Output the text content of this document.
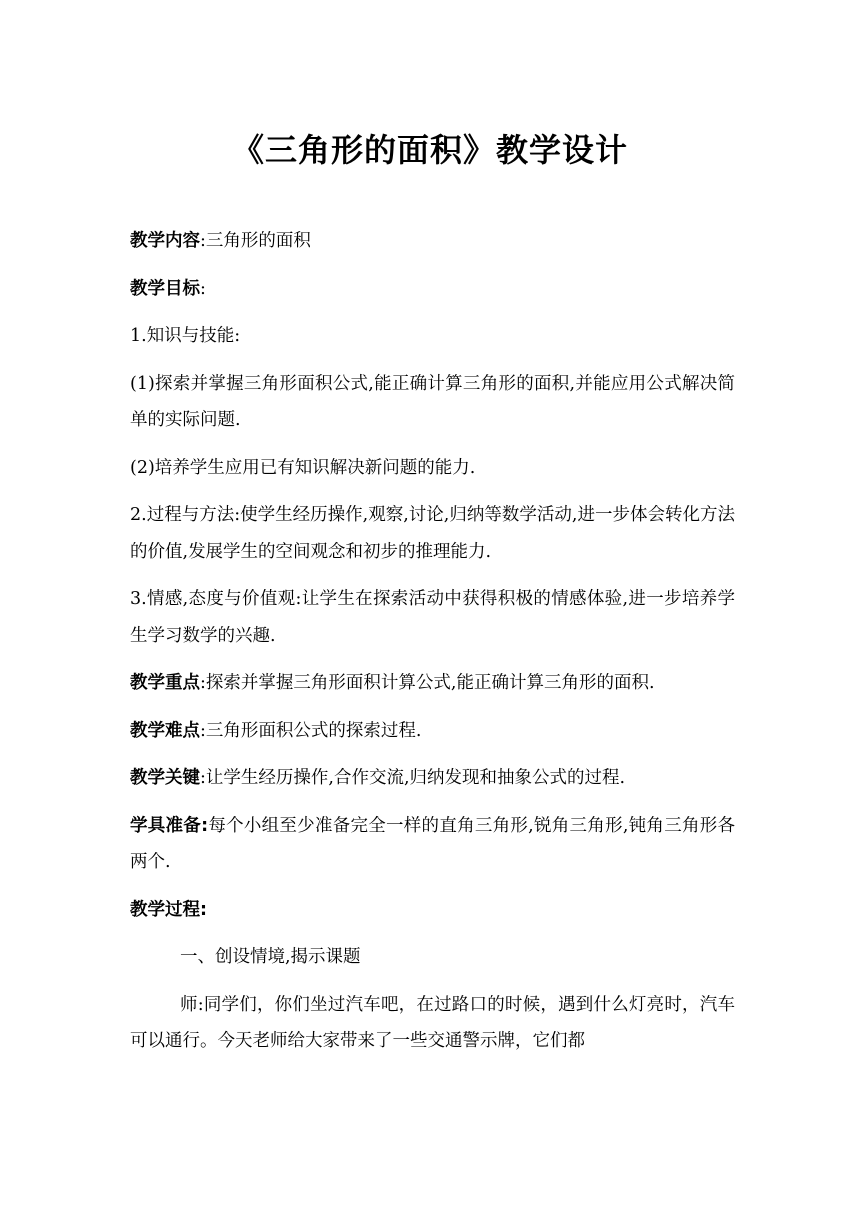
《三角形的面积》教学设计

教学内容:三角形的面积

教学目标:

1.知识与技能:

(1)探索并掌握三角形面积公式,能正确计算三角形的面积,并能应用公式解决简单的实际问题.

(2)培养学生应用已有知识解决新问题的能力.

2.过程与方法:使学生经历操作,观察,讨论,归纳等数学活动,进一步体会转化方法的价值,发展学生的空间观念和初步的推理能力.

3.情感,态度与价值观:让学生在探索活动中获得积极的情感体验,进一步培养学生学习数学的兴趣.

教学重点:探索并掌握三角形面积计算公式,能正确计算三角形的面积.

教学难点:三角形面积公式的探索过程.

教学关键:让学生经历操作,合作交流,归纳发现和抽象公式的过程.

学具准备:每个小组至少准备完全一样的直角三角形,锐角三角形,钝角三角形各两个.

教学过程:

一、创设情境,揭示课题

师:同学们，你们坐过汽车吧，在过路口的时候，遇到什么灯亮时，汽车可以通行。今天老师给大家带来了一些交通警示牌，它们都
